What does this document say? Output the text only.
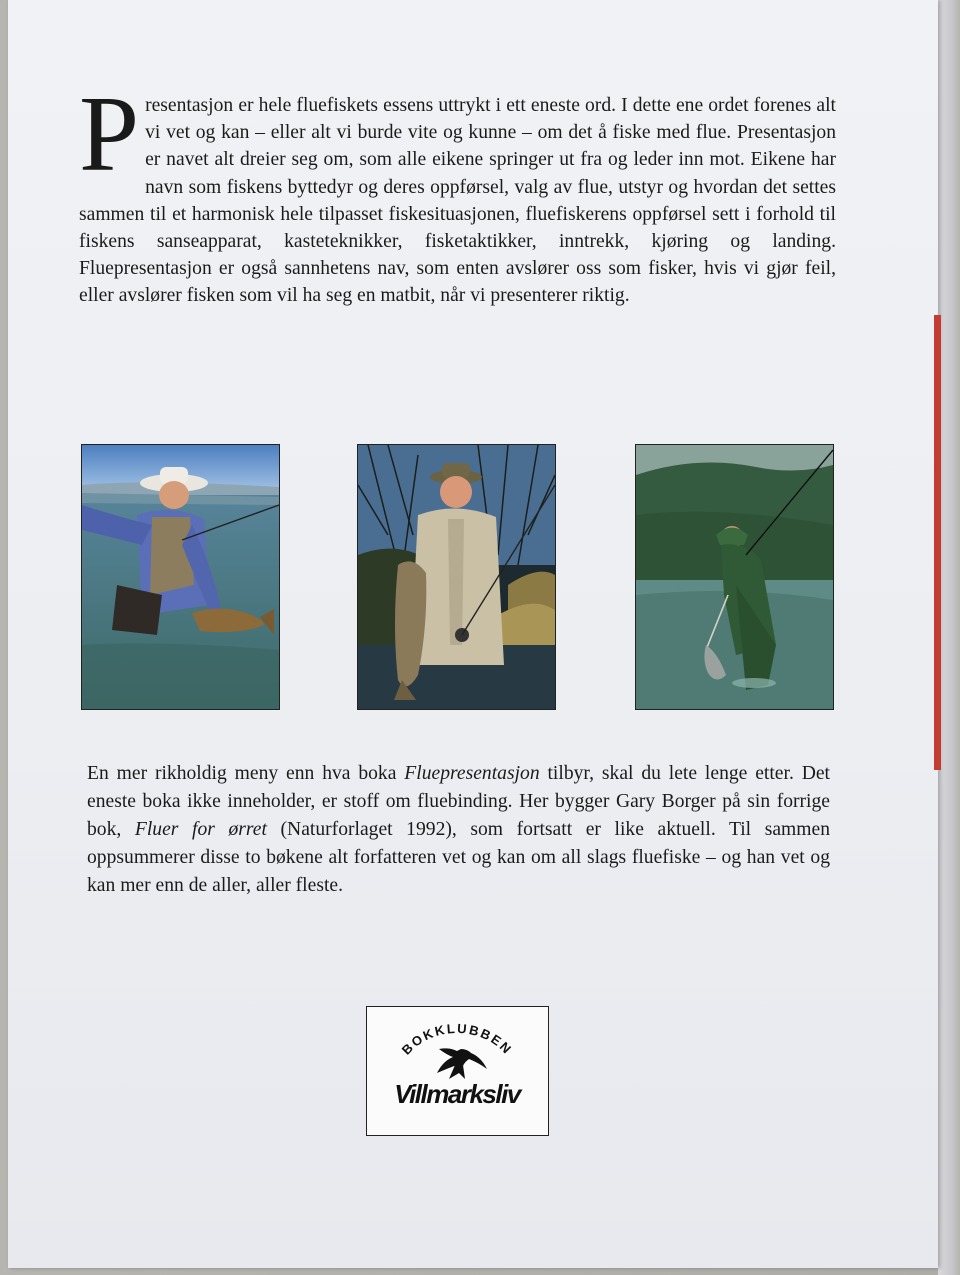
Presentasjon er hele fluefiskets essens uttrykt i ett eneste ord. I dette ene ordet forenes alt vi vet og kan – eller alt vi burde vite og kunne – om det å fiske med flue. Presentasjon er navet alt dreier seg om, som alle eikene springer ut fra og leder inn mot. Eikene har navn som fiskens byttedyr og deres oppførsel, valg av flue, utstyr og hvordan det settes sammen til et harmonisk hele tilpasset fiskesituasjonen, fluefiskerens oppførsel sett i forhold til fiskens sanseapparat, kasteteknikker, fisketaktikker, inntrekk, kjøring og landing. Fluepresentasjon er også sannhetens nav, som enten avslører oss som fisker, hvis vi gjør feil, eller avslører fisken som vil ha seg en matbit, når vi presenterer riktig.

En mer rikholdig meny enn hva boka Fluepresentasjon tilbyr, skal du lete lenge etter. Det eneste boka ikke inneholder, er stoff om fluebinding. Her bygger Gary Borger på sin forrige bok, Fluer for ørret (Naturforlaget 1992), som fortsatt er like aktuell. Til sammen oppsummerer disse to bøkene alt forfatteren vet og kan om all slags fluefiske – og han vet og kan mer enn de aller, aller fleste.

BOKKLUBBEN
Villmarksliv
